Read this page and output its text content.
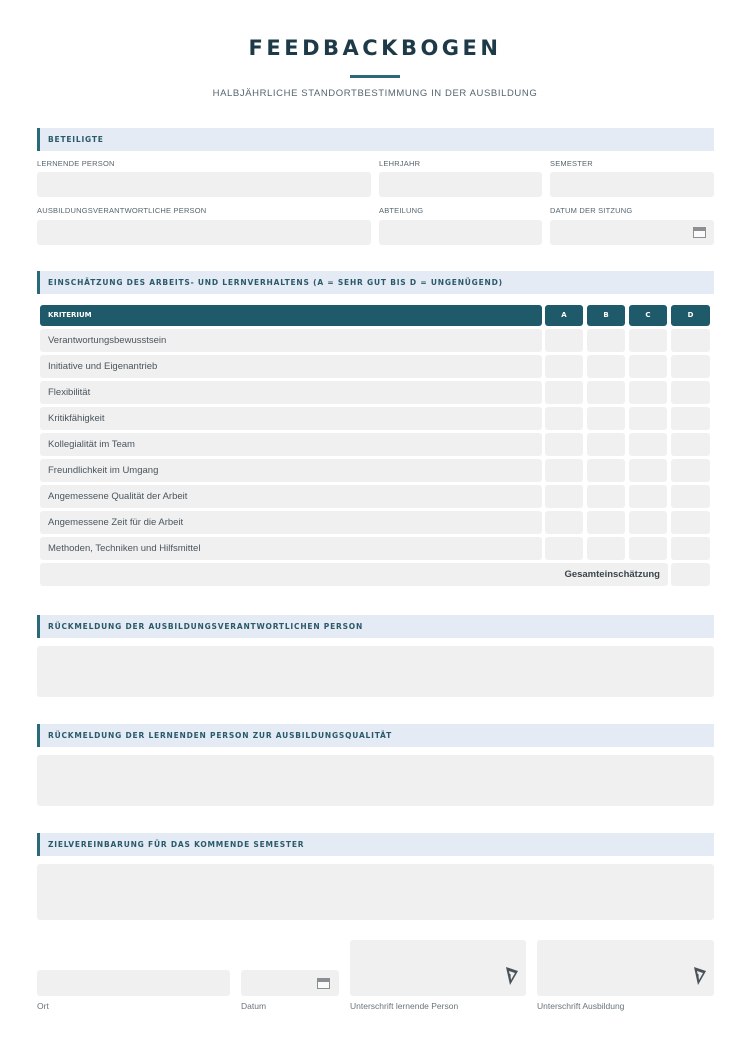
FEEDBACKBOGEN
HALBJÄHRLICHE STANDORTBESTIMMUNG IN DER AUSBILDUNG
BETEILIGTE
LERNENDE PERSON	LEHRJAHR	SEMESTER
AUSBILDUNGSVERANTWORTLICHE PERSON	ABTEILUNG	DATUM DER SITZUNG
EINSCHÄTZUNG DES ARBEITS- UND LERNVERHALTENS (A = SEHR GUT BIS D = UNGENÜGEND)
KRITERIUM	A	B	C	D
Verantwortungsbewusstsein
Initiative und Eigenantrieb
Flexibilität
Kritikfähigkeit
Kollegialität im Team
Freundlichkeit im Umgang
Angemessene Qualität der Arbeit
Angemessene Zeit für die Arbeit
Methoden, Techniken und Hilfsmittel
Gesamteinschätzung
RÜCKMELDUNG DER AUSBILDUNGSVERANTWORTLICHEN PERSON
RÜCKMELDUNG DER LERNENDEN PERSON ZUR AUSBILDUNGSQUALITÄT
ZIELVEREINBARUNG FÜR DAS KOMMENDE SEMESTER
Ort	Datum	Unterschrift lernende Person	Unterschrift Ausbildung
